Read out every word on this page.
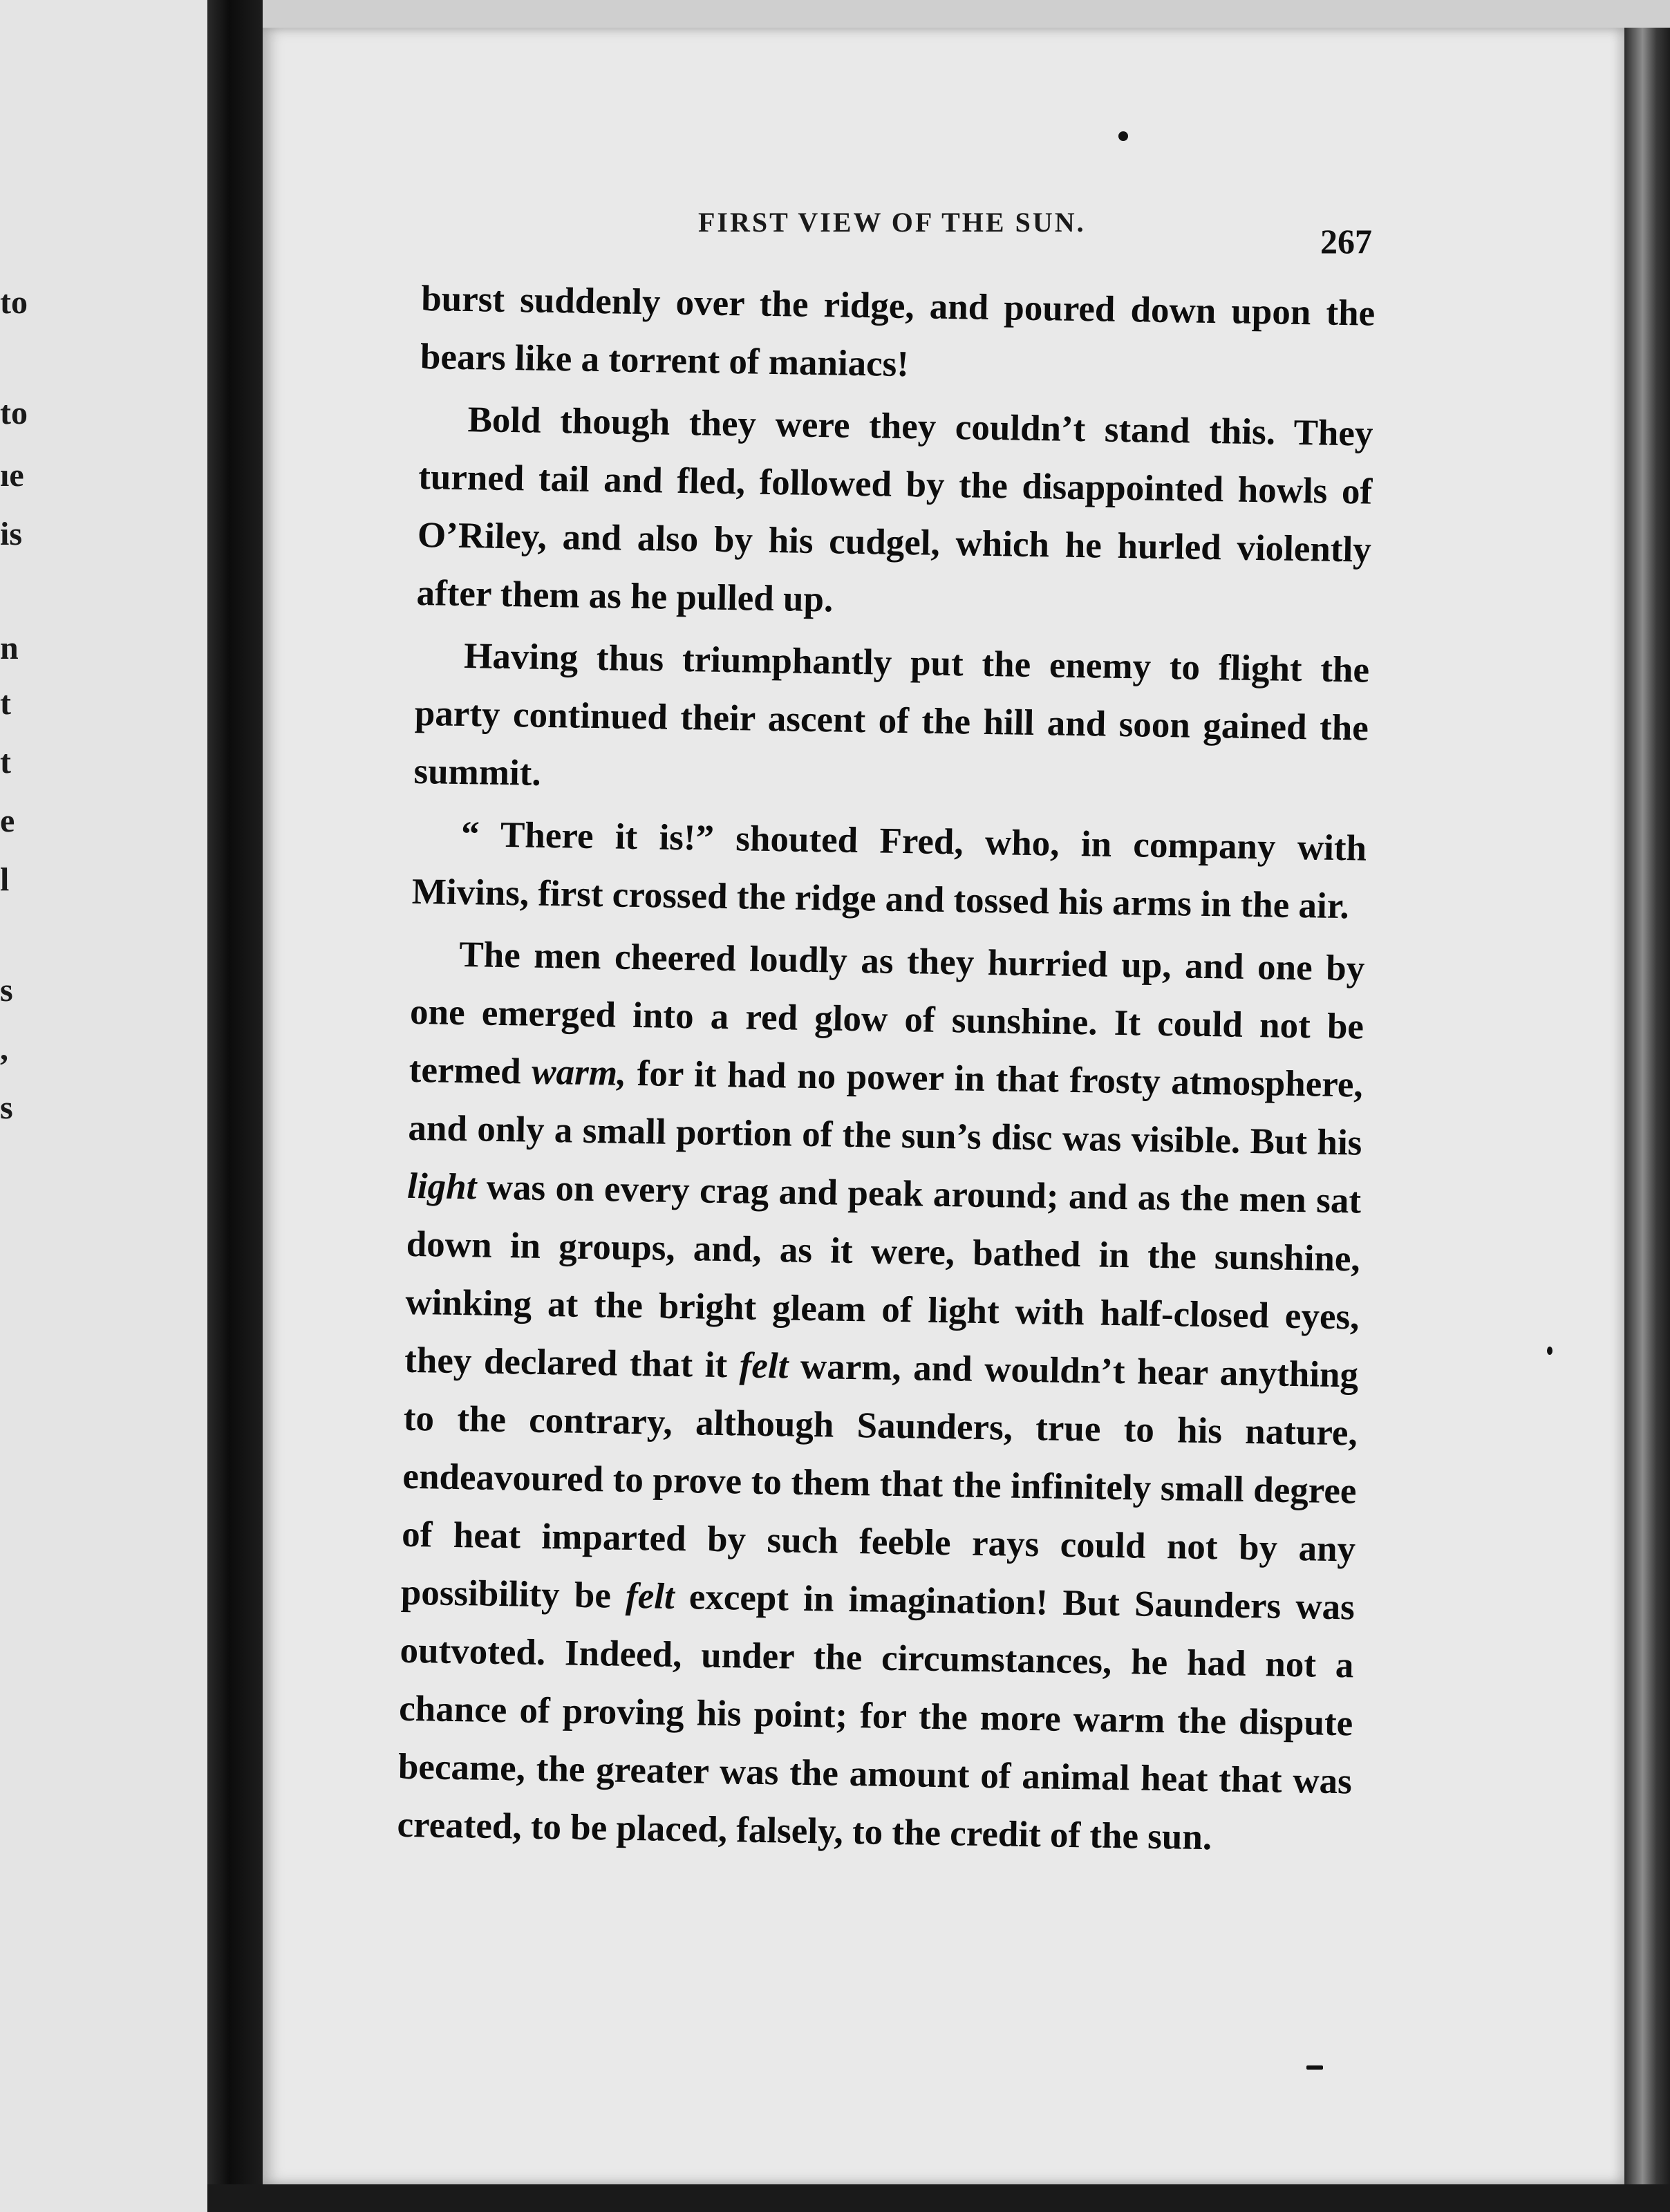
to
to
ıe
is
n
t
t
e
l
s
,
s
FIRST VIEW OF THE SUN.	267

burst suddenly over the ridge, and poured down upon the bears like a torrent of maniacs!

Bold though they were they couldn’t stand this. They turned tail and fled, followed by the disappointed howls of O’Riley, and also by his cudgel, which he hurled violently after them as he pulled up.

Having thus triumphantly put the enemy to flight the party continued their ascent of the hill and soon gained the summit.

“ There it is!” shouted Fred, who, in company with Mivins, first crossed the ridge and tossed his arms in the air.

The men cheered loudly as they hurried up, and one by one emerged into a red glow of sunshine. It could not be termed warm, for it had no power in that frosty atmosphere, and only a small portion of the sun’s disc was visible. But his light was on every crag and peak around; and as the men sat down in groups, and, as it were, bathed in the sunshine, winking at the bright gleam of light with half-closed eyes, they declared that it felt warm, and wouldn’t hear anything to the contrary, although Saunders, true to his nature, endeavoured to prove to them that the infinitely small degree of heat imparted by such feeble rays could not by any possibility be felt except in imagination! But Saunders was outvoted. Indeed, under the circumstances, he had not a chance of proving his point; for the more warm the dispute became, the greater was the amount of animal heat that was created, to be placed, falsely, to the credit of the sun.
